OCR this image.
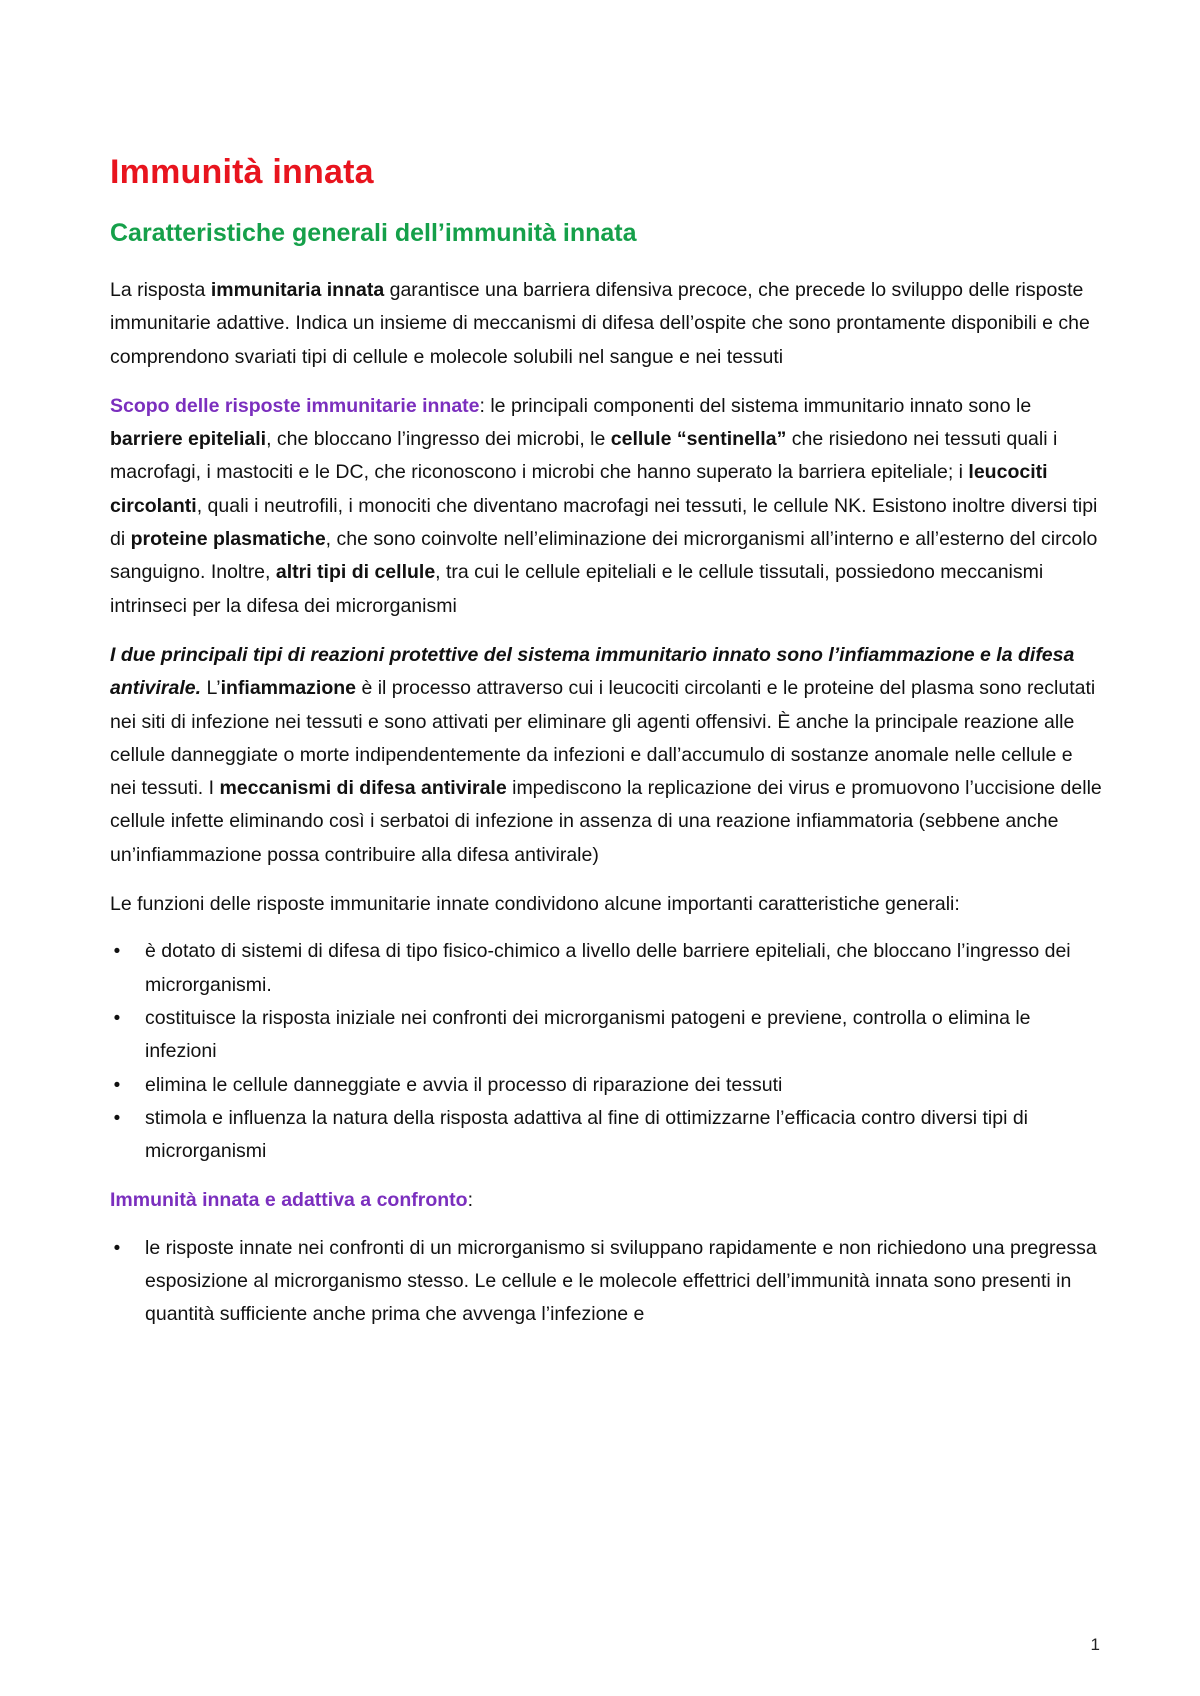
Immunità innata
Caratteristiche generali dell’immunità innata

La risposta immunitaria innata garantisce una barriera difensiva precoce, che precede lo sviluppo delle risposte immunitarie adattive. Indica un insieme di meccanismi di difesa dell’ospite che sono prontamente disponibili e che comprendono svariati tipi di cellule e molecole solubili nel sangue e nei tessuti

Scopo delle risposte immunitarie innate: le principali componenti del sistema immunitario innato sono le barriere epiteliali, che bloccano l’ingresso dei microbi, le cellule “sentinella” che risiedono nei tessuti quali i macrofagi, i mastociti e le DC, che riconoscono i microbi che hanno superato la barriera epiteliale; i leucociti circolanti, quali i neutrofili, i monociti che diventano macrofagi nei tessuti, le cellule NK. Esistono inoltre diversi tipi di proteine plasmatiche, che sono coinvolte nell’eliminazione dei microrganismi all’interno e all’esterno del circolo sanguigno. Inoltre, altri tipi di cellule, tra cui le cellule epiteliali e le cellule tissutali, possiedono meccanismi intrinseci per la difesa dei microrganismi

I due principali tipi di reazioni protettive del sistema immunitario innato sono l’infiammazione e la difesa antivirale. L’infiammazione è il processo attraverso cui i leucociti circolanti e le proteine del plasma sono reclutati nei siti di infezione nei tessuti e sono attivati per eliminare gli agenti offensivi. È anche la principale reazione alle cellule danneggiate o morte indipendentemente da infezioni e dall’accumulo di sostanze anomale nelle cellule e nei tessuti. I meccanismi di difesa antivirale impediscono la replicazione dei virus e promuovono l’uccisione delle cellule infette eliminando così i serbatoi di infezione in assenza di una reazione infiammatoria (sebbene anche un’infiammazione possa contribuire alla difesa antivirale)

Le funzioni delle risposte immunitarie innate condividono alcune importanti caratteristiche generali:

• è dotato di sistemi di difesa di tipo fisico-chimico a livello delle barriere epiteliali, che bloccano l’ingresso dei microrganismi.
• costituisce la risposta iniziale nei confronti dei microrganismi patogeni e previene, controlla o elimina le infezioni
• elimina le cellule danneggiate e avvia il processo di riparazione dei tessuti
• stimola e influenza la natura della risposta adattiva al fine di ottimizzarne l’efficacia contro diversi tipi di microrganismi

Immunità innata e adattiva a confronto:

• le risposte innate nei confronti di un microrganismo si sviluppano rapidamente e non richiedono una pregressa esposizione al microrganismo stesso. Le cellule e le molecole effettrici dell’immunità innata sono presenti in quantità sufficiente anche prima che avvenga l’infezione e
1
